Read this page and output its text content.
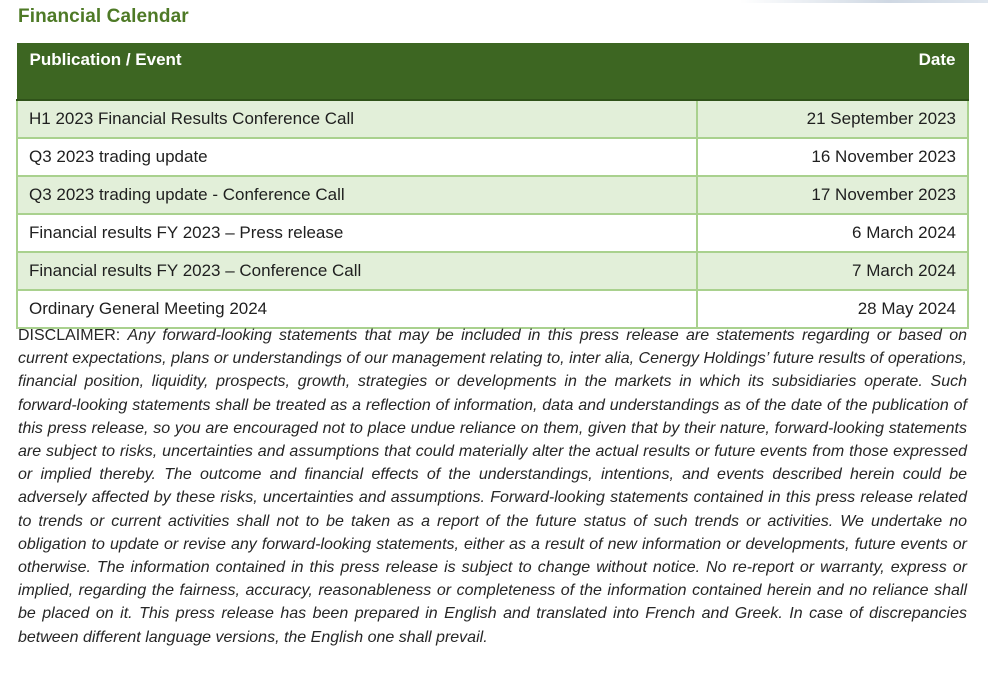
Financial Calendar
Publication / Event	Date
H1 2023 Financial Results Conference Call	21 September 2023
Q3 2023 trading update	16 November 2023
Q3 2023 trading update - Conference Call	17 November 2023
Financial results FY 2023 – Press release	6 March 2024
Financial results FY 2023 – Conference Call	7 March 2024
Ordinary General Meeting 2024	28 May 2024
DISCLAIMER: Any forward-looking statements that may be included in this press release are statements regarding or based on current expectations, plans or understandings of our management relating to, inter alia, Cenergy Holdings’ future results of operations, financial position, liquidity, prospects, growth, strategies or developments in the markets in which its subsidiaries operate. Such forward-looking statements shall be treated as a reflection of information, data and understandings as of the date of the publication of this press release, so you are encouraged not to place undue reliance on them, given that by their nature, forward-looking statements are subject to risks, uncertainties and assumptions that could materially alter the actual results or future events from those expressed or implied thereby. The outcome and financial effects of the understandings, intentions, and events described herein could be adversely affected by these risks, uncertainties and assumptions. Forward-looking statements contained in this press release related to trends or current activities shall not to be taken as a report of the future status of such trends or activities. We undertake no obligation to update or revise any forward-looking statements, either as a result of new information or developments, future events or otherwise. The information contained in this press release is subject to change without notice. No re-report or warranty, express or implied, regarding the fairness, accuracy, reasonableness or completeness of the information contained herein and no reliance shall be placed on it. This press release has been prepared in English and translated into French and Greek. In case of discrepancies between different language versions, the English one shall prevail.
